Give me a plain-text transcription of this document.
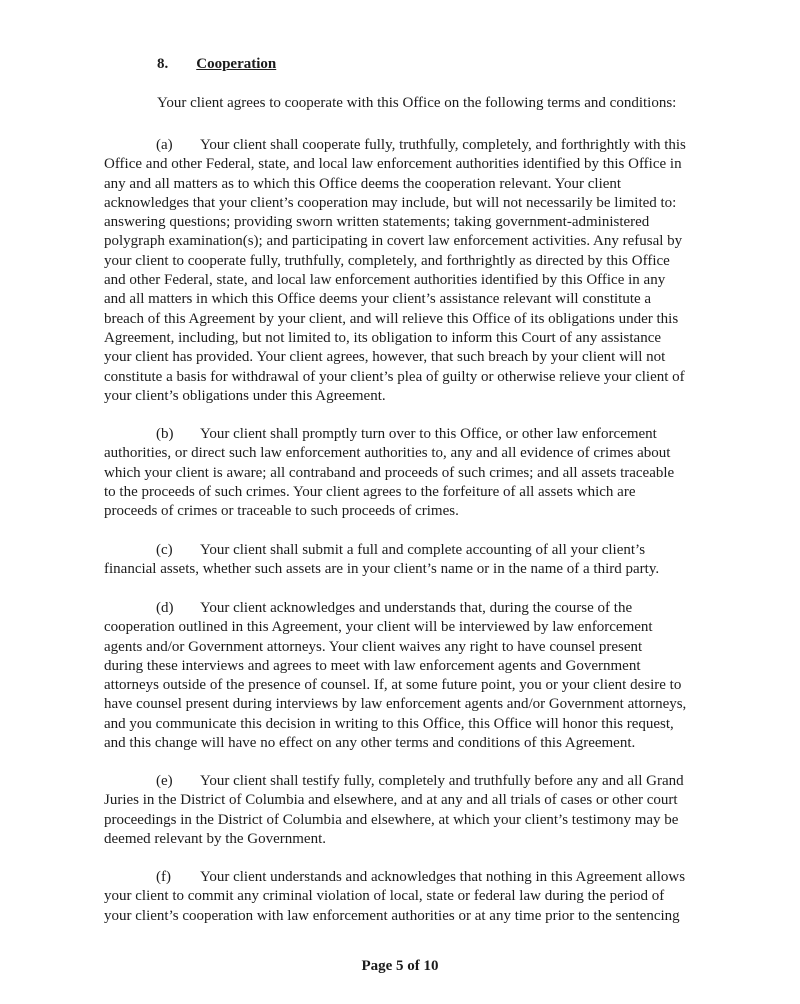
8. Cooperation
Your client agrees to cooperate with this Office on the following terms and conditions:
(a) Your client shall cooperate fully, truthfully, completely, and forthrightly with this
Office and other Federal, state, and local law enforcement authorities identified by this Office in
any and all matters as to which this Office deems the cooperation relevant. Your client
acknowledges that your client’s cooperation may include, but will not necessarily be limited to:
answering questions; providing sworn written statements; taking government-administered
polygraph examination(s); and participating in covert law enforcement activities. Any refusal by
your client to cooperate fully, truthfully, completely, and forthrightly as directed by this Office
and other Federal, state, and local law enforcement authorities identified by this Office in any
and all matters in which this Office deems your client’s assistance relevant will constitute a
breach of this Agreement by your client, and will relieve this Office of its obligations under this
Agreement, including, but not limited to, its obligation to inform this Court of any assistance
your client has provided. Your client agrees, however, that such breach by your client will not
constitute a basis for withdrawal of your client’s plea of guilty or otherwise relieve your client of
your client’s obligations under this Agreement.
(b) Your client shall promptly turn over to this Office, or other law enforcement
authorities, or direct such law enforcement authorities to, any and all evidence of crimes about
which your client is aware; all contraband and proceeds of such crimes; and all assets traceable
to the proceeds of such crimes. Your client agrees to the forfeiture of all assets which are
proceeds of crimes or traceable to such proceeds of crimes.
(c) Your client shall submit a full and complete accounting of all your client’s
financial assets, whether such assets are in your client’s name or in the name of a third party.
(d) Your client acknowledges and understands that, during the course of the
cooperation outlined in this Agreement, your client will be interviewed by law enforcement
agents and/or Government attorneys. Your client waives any right to have counsel present
during these interviews and agrees to meet with law enforcement agents and Government
attorneys outside of the presence of counsel. If, at some future point, you or your client desire to
have counsel present during interviews by law enforcement agents and/or Government attorneys,
and you communicate this decision in writing to this Office, this Office will honor this request,
and this change will have no effect on any other terms and conditions of this Agreement.
(e) Your client shall testify fully, completely and truthfully before any and all Grand
Juries in the District of Columbia and elsewhere, and at any and all trials of cases or other court
proceedings in the District of Columbia and elsewhere, at which your client’s testimony may be
deemed relevant by the Government.
(f) Your client understands and acknowledges that nothing in this Agreement allows
your client to commit any criminal violation of local, state or federal law during the period of
your client’s cooperation with law enforcement authorities or at any time prior to the sentencing
Page 5 of 10
